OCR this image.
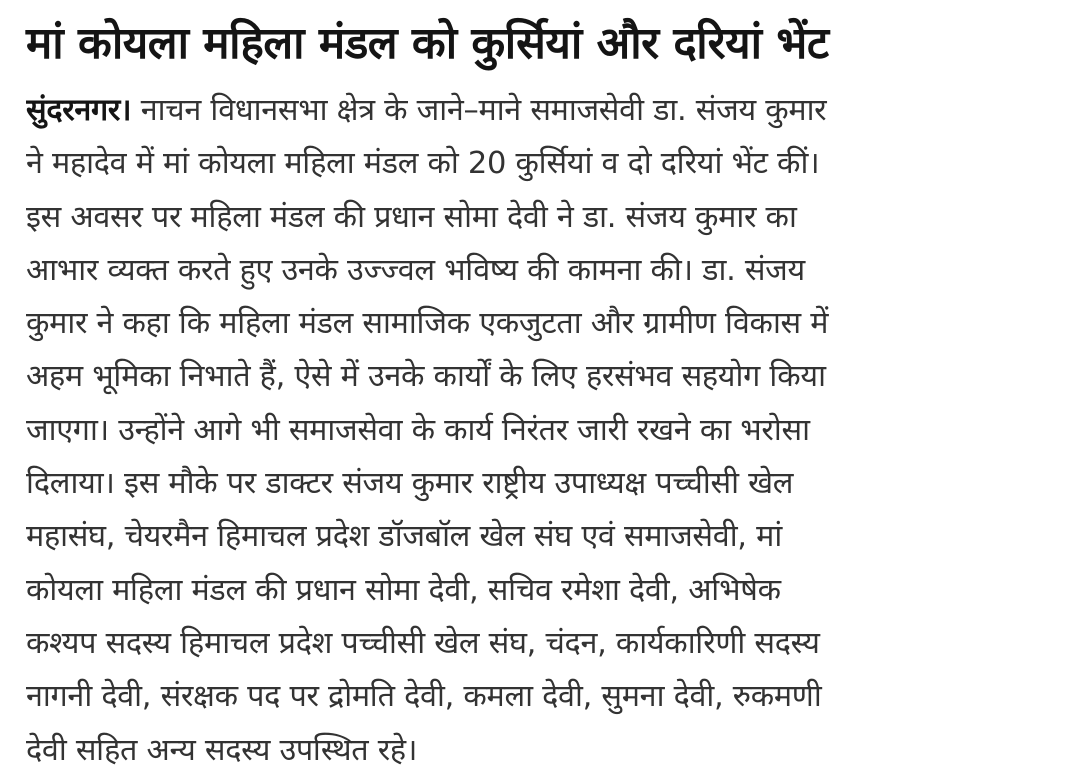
मां कोयला महिला मंडल को कुर्सियां और दरियां भेंट
सुंदरनगर। नाचन विधानसभा क्षेत्र के जाने–माने समाजसेवी डा. संजय कुमार
ने महादेव में मां कोयला महिला मंडल को 20 कुर्सियां व दो दरियां भेंट कीं।
इस अवसर पर महिला मंडल की प्रधान सोमा देवी ने डा. संजय कुमार का
आभार व्यक्त करते हुए उनके उज्ज्वल भविष्य की कामना की। डा. संजय
कुमार ने कहा कि महिला मंडल सामाजिक एकजुटता और ग्रामीण विकास में
अहम भूमिका निभाते हैं, ऐसे में उनके कार्यों के लिए हरसंभव सहयोग किया
जाएगा। उन्होंने आगे भी समाजसेवा के कार्य निरंतर जारी रखने का भरोसा
दिलाया। इस मौके पर डाक्टर संजय कुमार राष्ट्रीय उपाध्यक्ष पच्चीसी खेल
महासंघ, चेयरमैन हिमाचल प्रदेश डॉजबॉल खेल संघ एवं समाजसेवी, मां
कोयला महिला मंडल की प्रधान सोमा देवी, सचिव रमेशा देवी, अभिषेक
कश्यप सदस्य हिमाचल प्रदेश पच्चीसी खेल संघ, चंदन, कार्यकारिणी सदस्य
नागनी देवी, संरक्षक पद पर द्रोमति देवी, कमला देवी, सुमना देवी, रुकमणी
देवी सहित अन्य सदस्य उपस्थित रहे।
